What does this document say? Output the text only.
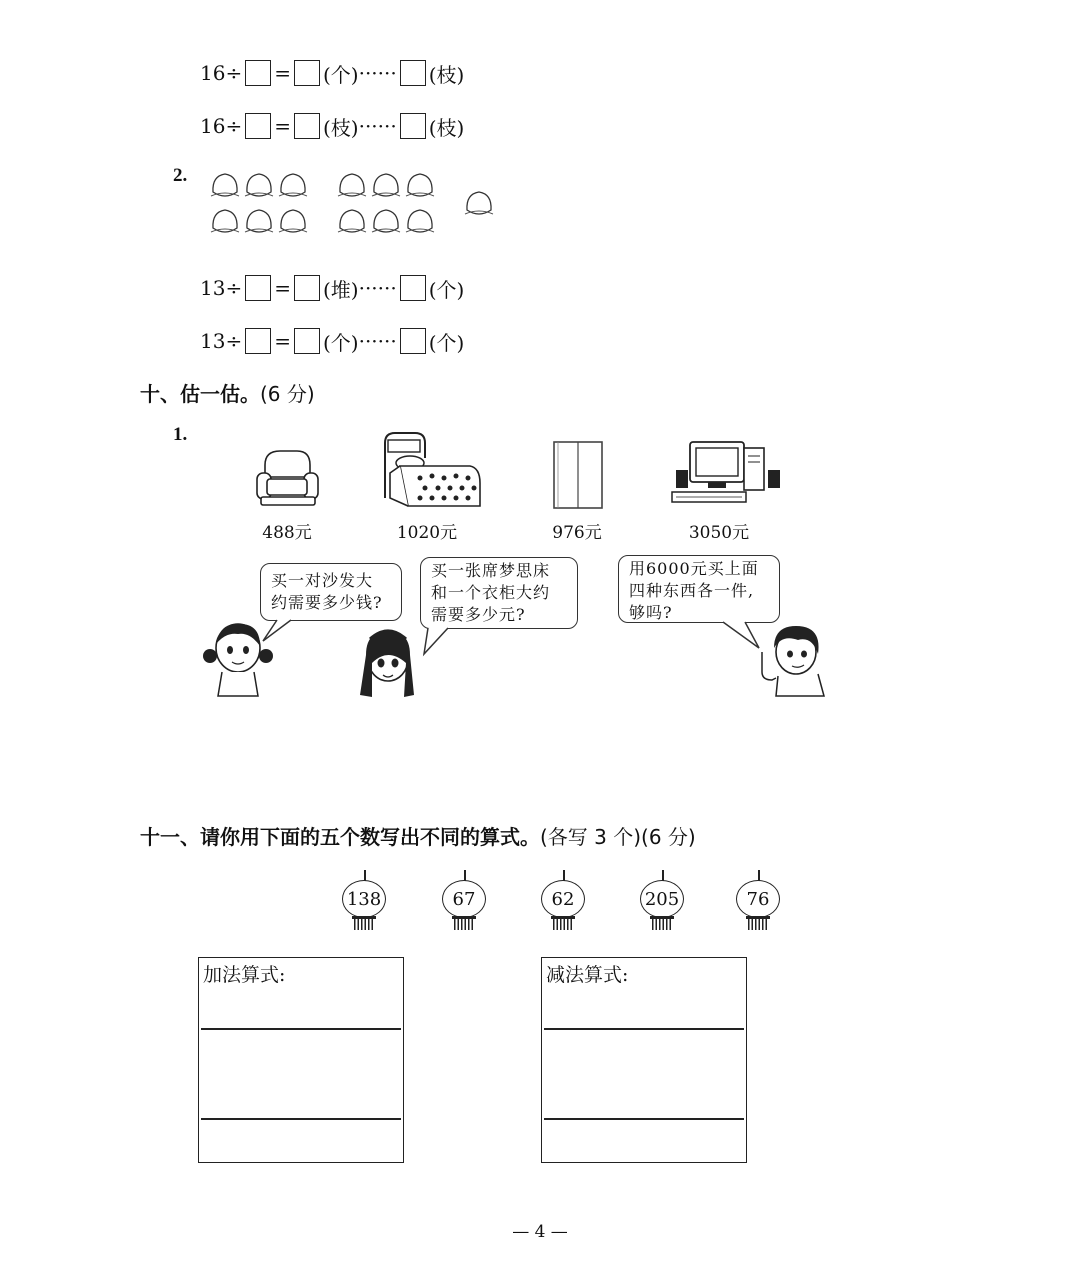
16 ÷ = (个) ······ (枝)
16 ÷ = (枝) ······ (枝)
2.
13 ÷ = (堆) ······ (个)
13 ÷ = (个) ······ (个)
十、估一估。(6 分)
1.
488元	1020元	976元	3050元
买一对沙发大
约需要多少钱?
买一张席梦思床
和一个衣柜大约
需要多少元?
用6000元买上面
四种东西各一件,
够吗?
十一、请你用下面的五个数写出不同的算式。(各写 3 个)(6 分)
138	67	62	205	76
加法算式:	减法算式:
— 4 —
